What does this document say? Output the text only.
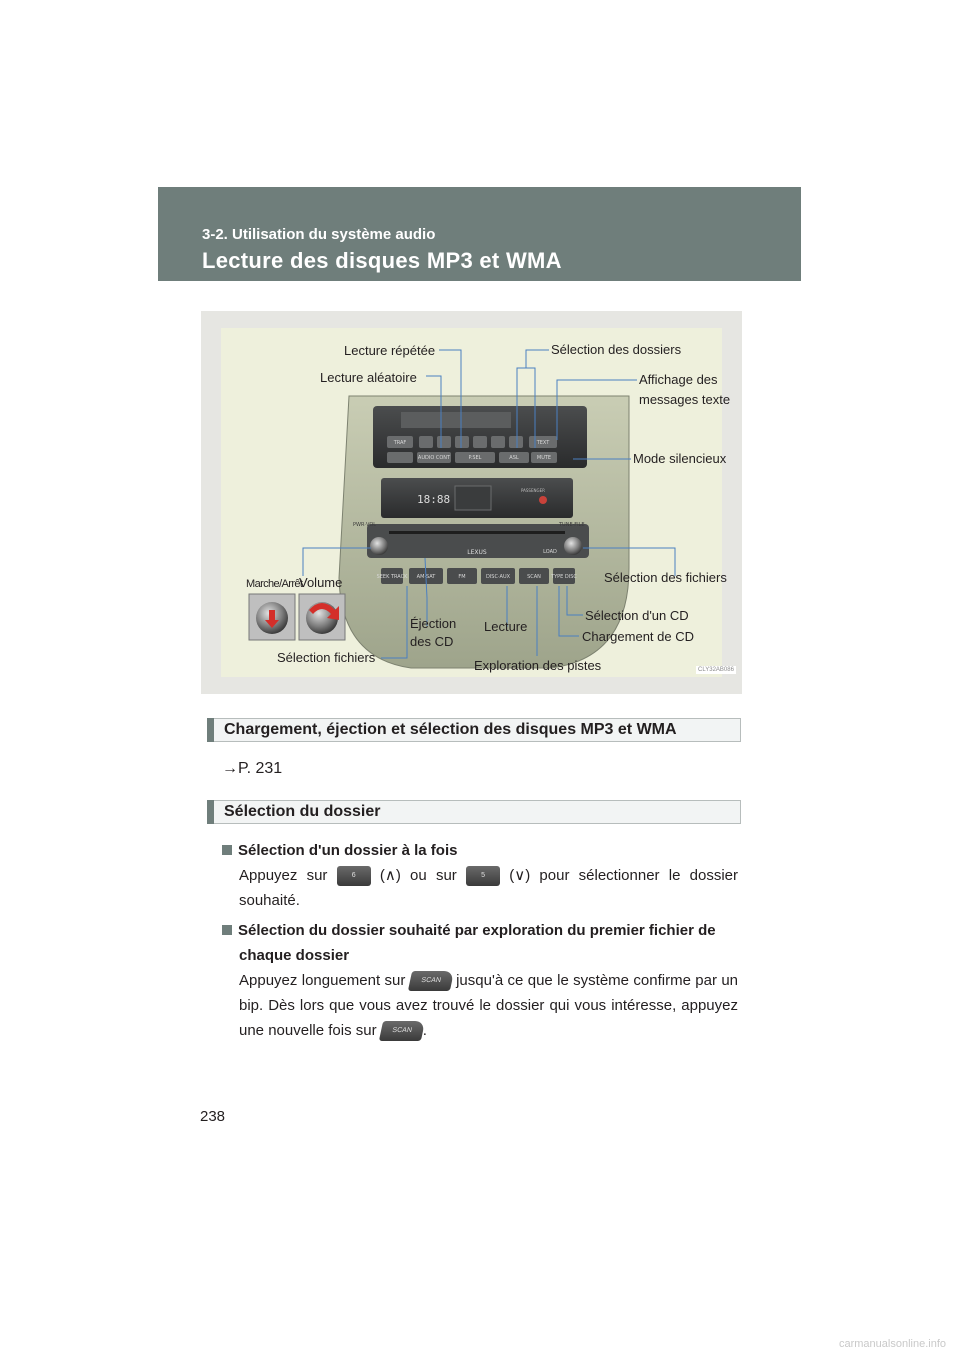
3-2. Utilisation du système audio
Lecture des disques MP3 et WMA
TRAF	TEXT
AUDIO CONT	P.SEL	ASL	MUTE
18:88
PASSENGER
LEXUS
PWR·VOL	TUNE·FILE
SEEK TRACK AM·SAT	FM	DISC·AUX	SCAN TYPE DISC
LOAD
Lecture répétée	Sélection des dossiers
Lecture aléatoire	Affichage des
messages texte
Mode silencieux
Marche/Arrêt
Volume	Sélection des fichiers
Sélection d'un CD
Éjection
des CD
Lecture
Chargement de CD
Sélection fichiers
Exploration des pistes	CLY32AB086
Chargement, éjection et sélection des disques MP3 et WMA
→P. 231
Sélection du dossier
Sélection d'un dossier à la fois
Appuyez sur	6 (∧) ou sur	5 (∨) pour sélectionner le dossier souhaité.
Sélection du dossier souhaité par exploration du premier fichier de chaque dossier
Appuyez longuement sur SCAN jusqu'à ce que le système confirme par un bip. Dès lors que vous avez trouvé le dossier qui vous intéresse, appuyez une nouvelle fois sur SCAN .
238
carmanualsonline.info
